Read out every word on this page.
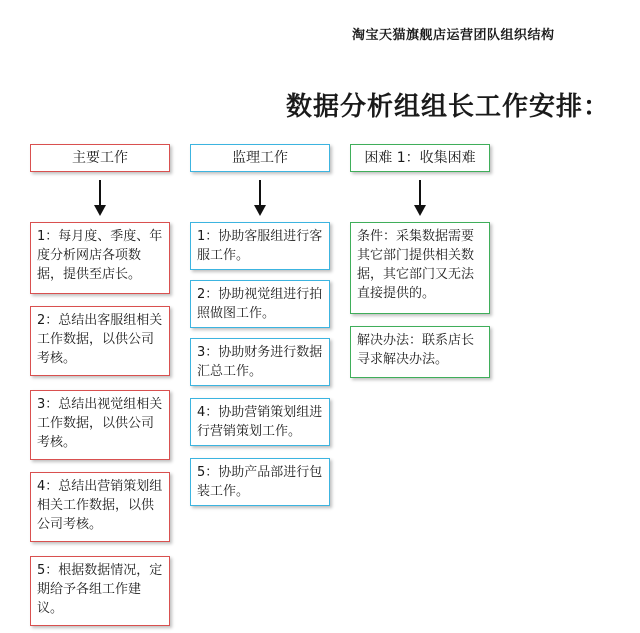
淘宝天猫旗舰店运营团队组织结构
数据分析组组长工作安排：
主要工作
1：每月度、季度、年度分析网店各项数据，提供至店长。
2：总结出客服组相关工作数据，以供公司考核。
3：总结出视觉组相关工作数据，以供公司考核。
4：总结出营销策划组相关工作数据，以供公司考核。
5：根据数据情况，定期给予各组工作建议。
监理工作
1：协助客服组进行客服工作。
2：协助视觉组进行拍照做图工作。
3：协助财务进行数据汇总工作。
4：协助营销策划组进行营销策划工作。
5：协助产品部进行包装工作。
困难 1：收集困难
条件：采集数据需要其它部门提供相关数据，其它部门又无法直接提供的。
解决办法：联系店长寻求解决办法。
